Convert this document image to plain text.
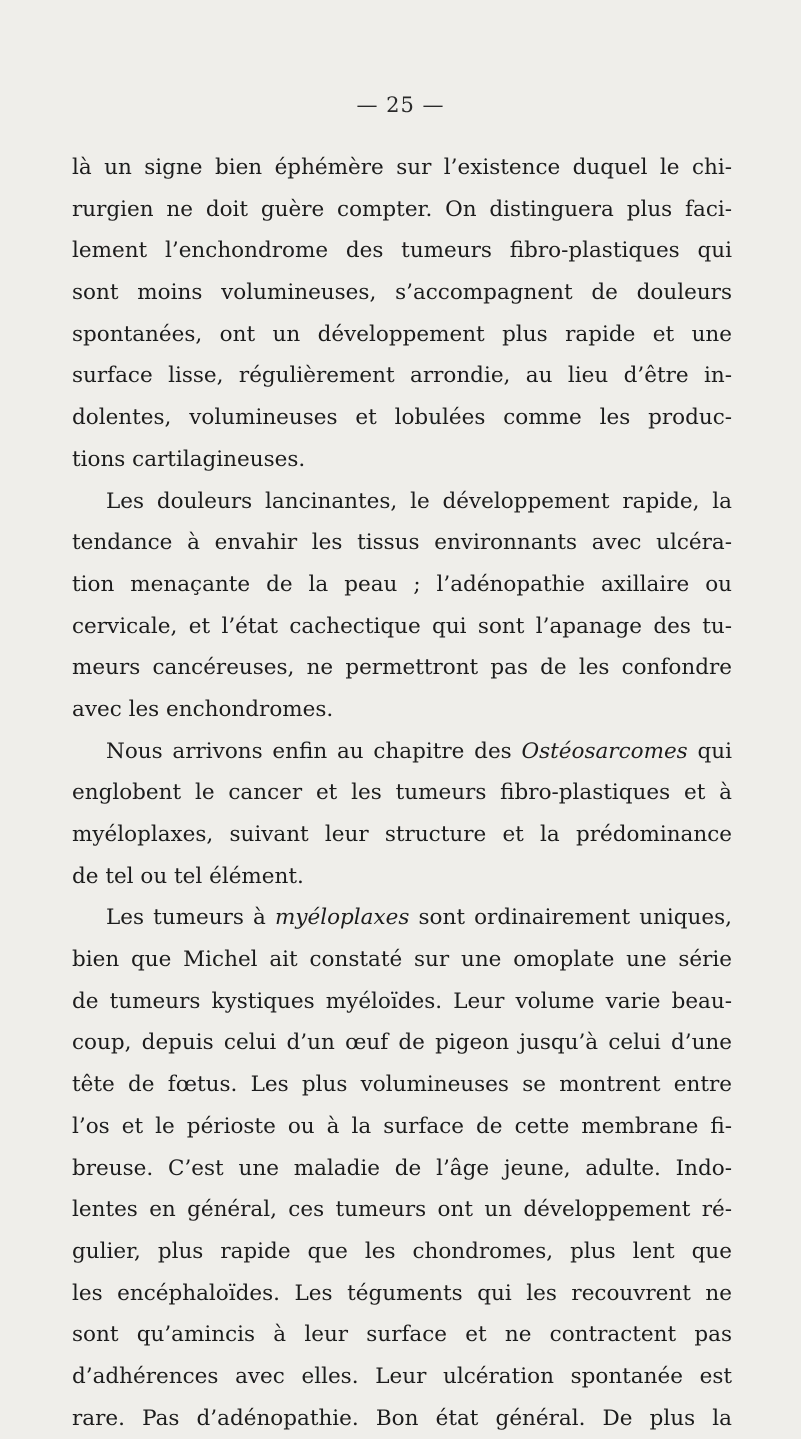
— 25 —
là un signe bien éphémère sur l’existence duquel le chi-
rurgien ne doit guère compter. On distinguera plus faci-
lement l’enchondrome des tumeurs fibro-plastiques qui
sont moins volumineuses, s’accompagnent de douleurs
spontanées, ont un développement plus rapide et une
surface lisse, régulièrement arrondie, au lieu d’être in-
dolentes, volumineuses et lobulées comme les produc-
tions cartilagineuses.
Les douleurs lancinantes, le développement rapide, la
tendance à envahir les tissus environnants avec ulcéra-
tion menaçante de la peau ; l’adénopathie axillaire ou
cervicale, et l’état cachectique qui sont l’apanage des tu-
meurs cancéreuses, ne permettront pas de les confondre
avec les enchondromes.
Nous arrivons enfin au chapitre des Ostéosarcomes qui
englobent le cancer et les tumeurs fibro-plastiques et à
myéloplaxes, suivant leur structure et la prédominance
de tel ou tel élément.
Les tumeurs à myéloplaxes sont ordinairement uniques,
bien que Michel ait constaté sur une omoplate une série
de tumeurs kystiques myéloïdes. Leur volume varie beau-
coup, depuis celui d’un œuf de pigeon jusqu’à celui d’une
tête de fœtus. Les plus volumineuses se montrent entre
l’os et le périoste ou à la surface de cette membrane fi-
breuse. C’est une maladie de l’âge jeune, adulte. Indo-
lentes en général, ces tumeurs ont un développement ré-
gulier, plus rapide que les chondromes, plus lent que
les encéphaloïdes. Les téguments qui les recouvrent ne
sont qu’amincis à leur surface et ne contractent pas
d’adhérences avec elles. Leur ulcération spontanée est
rare. Pas d’adénopathie. Bon état général. De plus la
